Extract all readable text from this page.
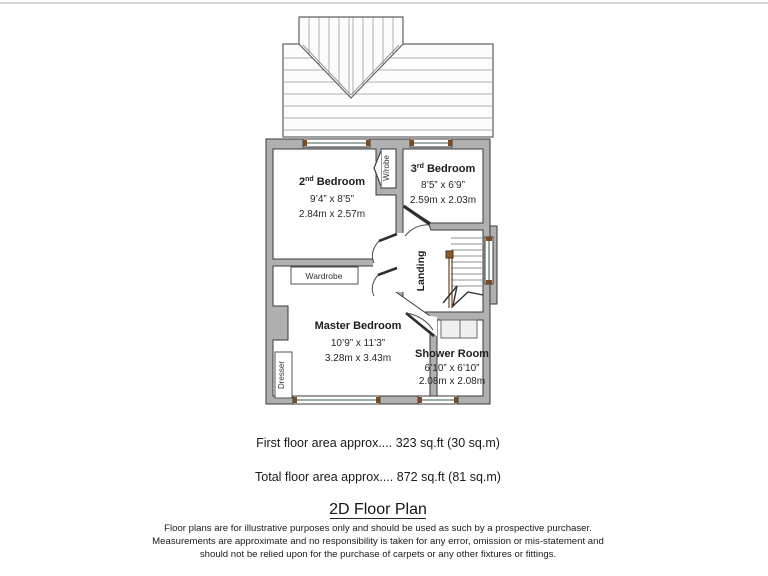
Wardrobe
Dresser
2nd Bedroom
9’4” x 8’5”
2.84m x 2.57m
3rd Bedroom
8’5” x 6’9”
2.59m x 2.03m
Master Bedroom
10’9” x 11’3”
3.28m x 3.43m Shower Room
6’10” x 6’10”
2.08m x 2.08m
Landing
W/robe
First floor area approx.... 323 sq.ft (30 sq.m)
Total floor area approx.... 872 sq.ft (81 sq.m)
2D Floor Plan
Floor plans are for illustrative purposes only and should be used as such by a prospective purchaser.
Measurements are approximate and no responsibility is taken for any error, omission or mis-statement and
should not be relied upon for the purchase of carpets or any other fixtures or fittings.
